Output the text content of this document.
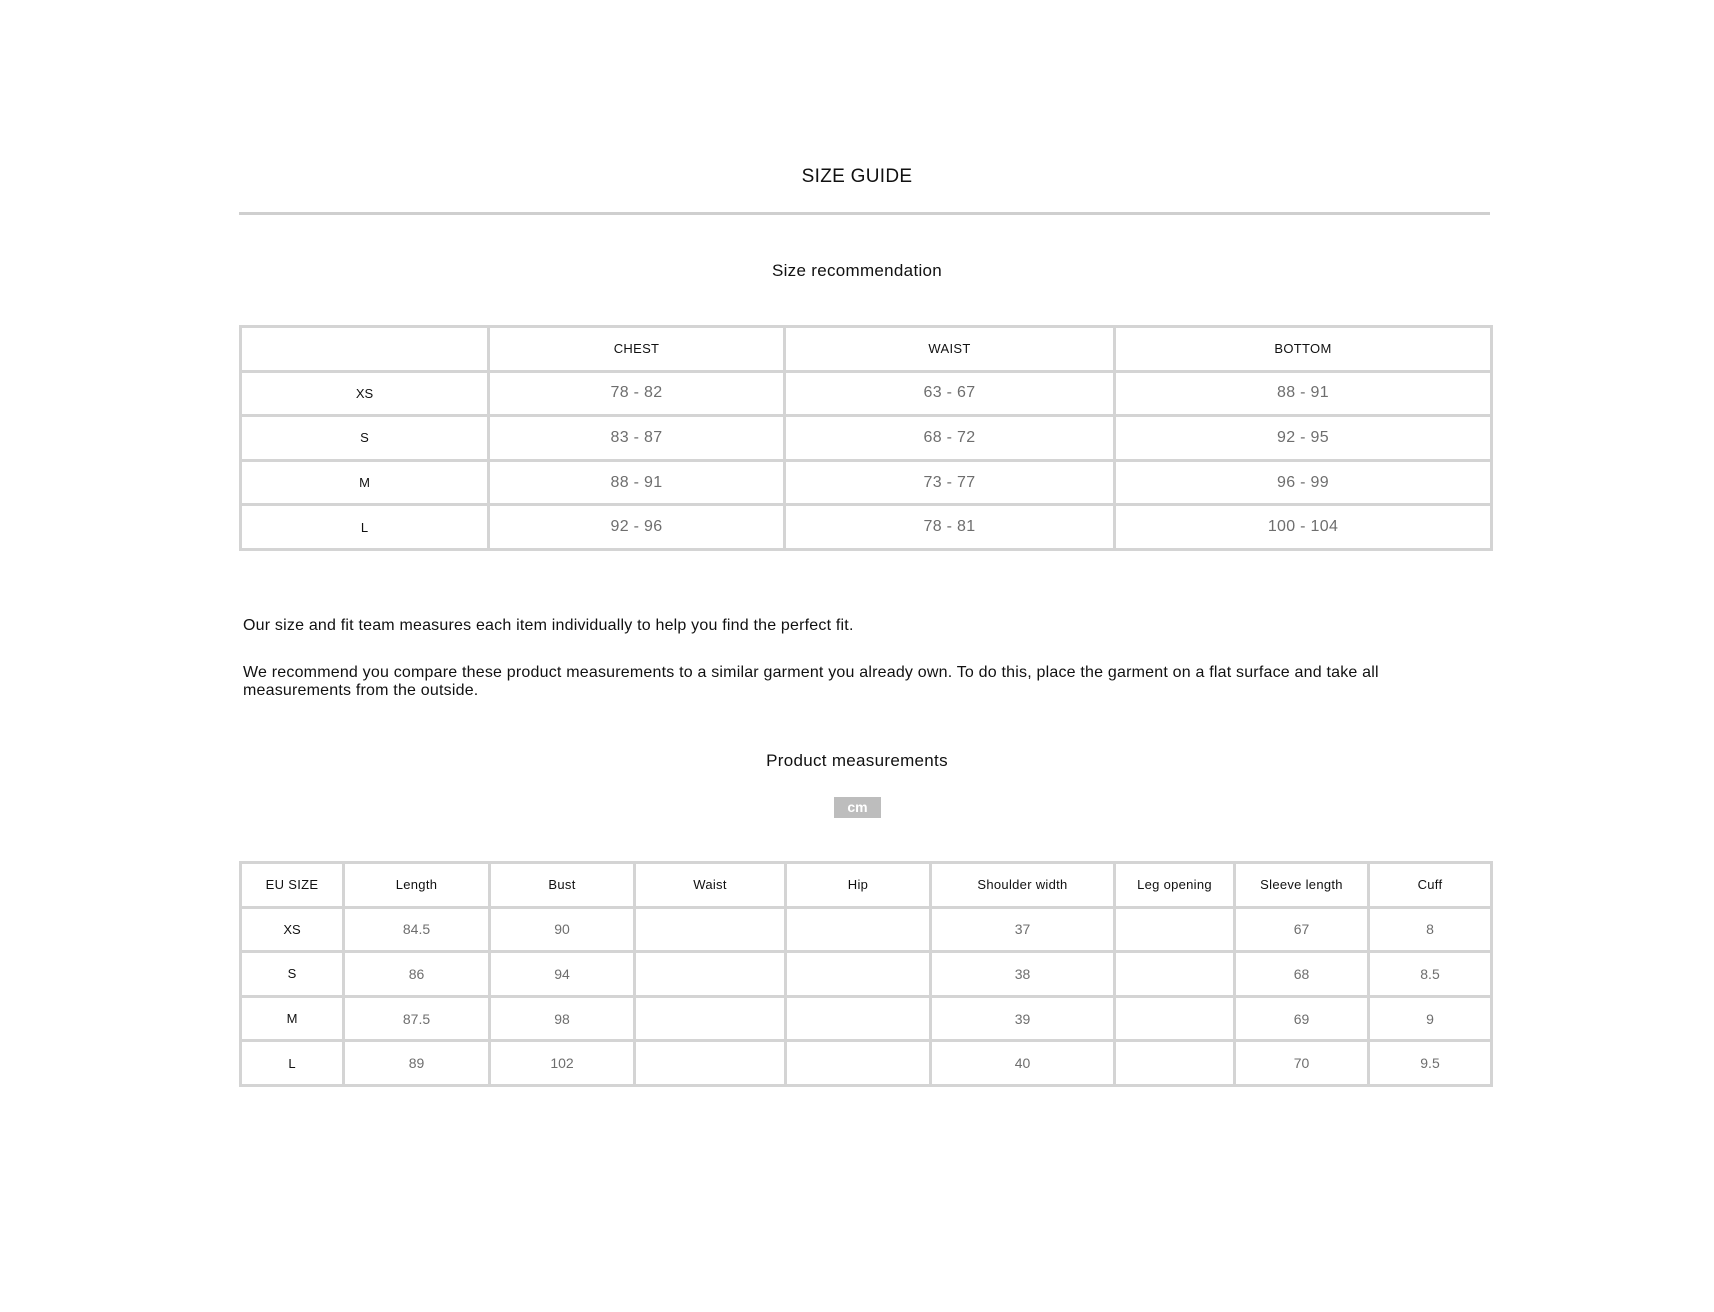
SIZE GUIDE
Size recommendation
	CHEST	WAIST	BOTTOM
XS	78 - 82	63 - 67	88 - 91
S	83 - 87	68 - 72	92 - 95
M	88 - 91	73 - 77	96 - 99
L	92 - 96	78 - 81	100 - 104
Our size and fit team measures each item individually to help you find the perfect fit.
We recommend you compare these product measurements to a similar garment you already own. To do this, place the garment on a flat surface and take all measurements from the outside.
Product measurements
cm
EU SIZE	Length	Bust	Waist	Hip	Shoulder width	Leg opening	Sleeve length	Cuff
XS	84.5	90			37		67	8
S	86	94			38		68	8.5
M	87.5	98			39		69	9
L	89	102			40		70	9.5
